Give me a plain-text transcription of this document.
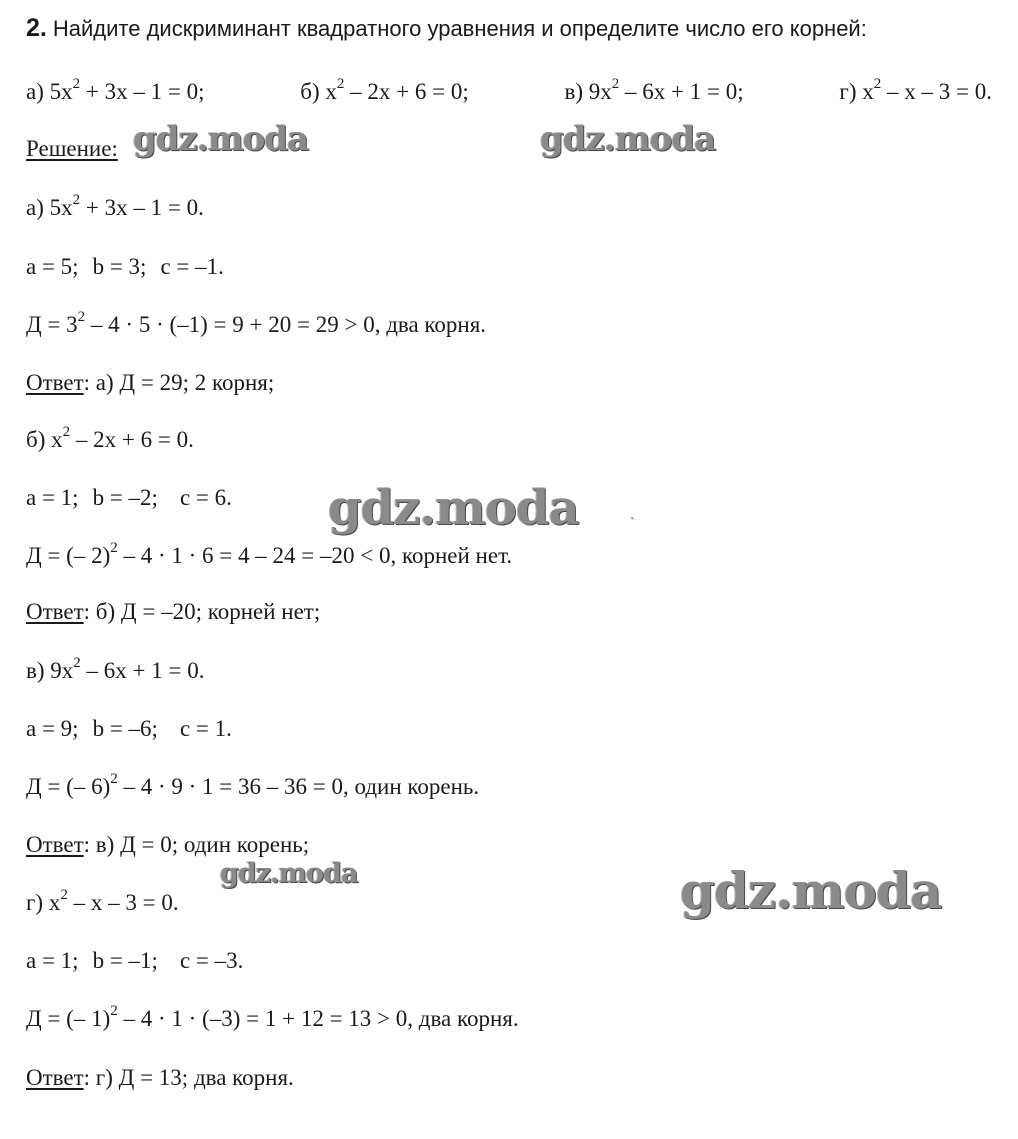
2. Найдите дискриминант квадратного уравнения и определите число его корней:
а) $5x^2 + 3x - 1 = 0$;	б) $x^2 - 2x + 6 = 0$;	в) $9x^2 - 6x + 1 = 0$;	г) $x^2 - x - 3 = 0$.
Решение:
а) $5x^2 + 3x - 1 = 0$.
a = 5; b = 3; c = –1.
$Д = 3^2 - 4 \cdot 5 \cdot (-1) = 9 + 20 = 29 > 0$, два корня.
Ответ: а) Д = 29; 2 корня;
б) $x^2 - 2x + 6 = 0$.
a = 1; b = –2; c = 6.
Д = (– 2)$^2$ – 4 · 1 · 6 = 4 – 24 = –20 < 0, корней нет.
Ответ: б) Д = –20; корней нет;
в) $9x^2 - 6x + 1 = 0$.
a = 9; b = –6; c = 1.
Д = (– 6)$^2$ – 4 · 9 · 1 = 36 – 36 = 0, один корень.
Ответ: в) Д = 0; один корень;
г) $x^2 - x - 3 = 0$.
a = 1; b = –1; c = –3.
Д = (– 1)$^2$ – 4 · 1 · (–3) = 1 + 12 = 13 > 0, два корня.
Ответ: г) Д = 13; два корня.
gdz.moda	gdz.moda
gdz.moda
gdz.moda	gdz.moda
ˋ
